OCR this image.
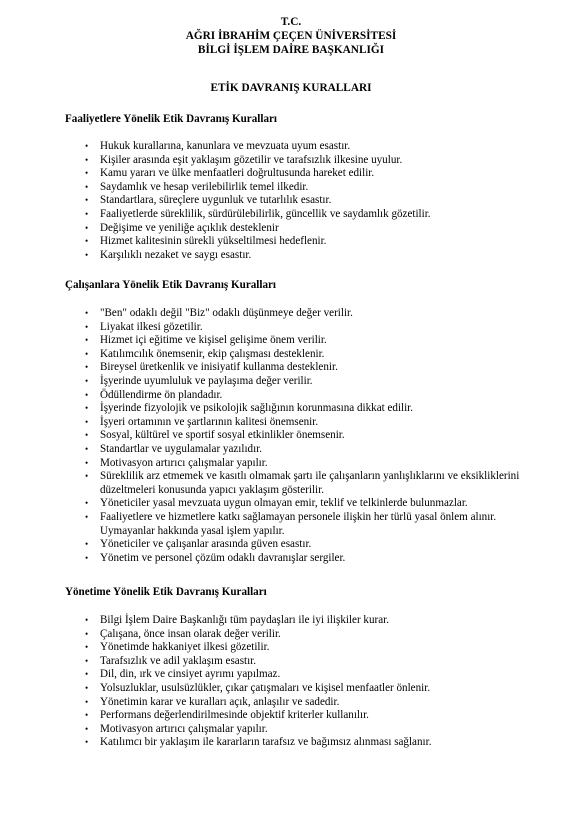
T.C.
AĞRI İBRAHİM ÇEÇEN ÜNİVERSİTESİ
BİLGİ İŞLEM DAİRE BAŞKANLIĞI
ETİK DAVRANIŞ KURALLARI
Faaliyetlere Yönelik Etik Davranış Kuralları
• Hukuk kurallarına, kanunlara ve mevzuata uyum esastır.
• Kişiler arasında eşit yaklaşım gözetilir ve tarafsızlık ilkesine uyulur.
• Kamu yararı ve ülke menfaatleri doğrultusunda hareket edilir.
• Saydamlık ve hesap verilebilirlik temel ilkedir.
• Standartlara, süreçlere uygunluk ve tutarlılık esastır.
• Faaliyetlerde süreklilik, sürdürülebilirlik, güncellik ve saydamlık gözetilir.
• Değişime ve yeniliğe açıklık desteklenir
• Hizmet kalitesinin sürekli yükseltilmesi hedeflenir.
• Karşılıklı nezaket ve saygı esastır.
Çalışanlara Yönelik Etik Davranış Kuralları
• "Ben" odaklı değil "Biz" odaklı düşünmeye değer verilir.
• Liyakat ilkesi gözetilir.
• Hizmet içi eğitime ve kişisel gelişime önem verilir.
• Katılımcılık önemsenir, ekip çalışması desteklenir.
• Bireysel üretkenlik ve inisiyatif kullanma desteklenir.
• İşyerinde uyumluluk ve paylaşıma değer verilir.
• Ödüllendirme ön plandadır.
• İşyerinde fizyolojik ve psikolojik sağlığının korunmasına dikkat edilir.
• İşyeri ortamının ve şartlarının kalitesi önemsenir.
• Sosyal, kültürel ve sportif sosyal etkinlikler önemsenir.
• Standartlar ve uygulamalar yazılıdır.
• Motivasyon artırıcı çalışmalar yapılır.
• Süreklilik arz etmemek ve kasıtlı olmamak şartı ile çalışanların yanlışlıklarını ve eksikliklerini düzeltmeleri konusunda yapıcı yaklaşım gösterilir.
• Yöneticiler yasal mevzuata uygun olmayan emir, teklif ve telkinlerde bulunmazlar.
• Faaliyetlere ve hizmetlere katkı sağlamayan personele ilişkin her türlü yasal önlem alınır. Uymayanlar hakkında yasal işlem yapılır.
• Yöneticiler ve çalışanlar arasında güven esastır.
• Yönetim ve personel çözüm odaklı davranışlar sergiler.
Yönetime Yönelik Etik Davranış Kuralları
• Bilgi İşlem Daire Başkanlığı tüm paydaşları ile iyi ilişkiler kurar.
• Çalışana, önce insan olarak değer verilir.
• Yönetimde hakkaniyet ilkesi gözetilir.
• Tarafsızlık ve adil yaklaşım esastır.
• Dil, din, ırk ve cinsiyet ayrımı yapılmaz.
• Yolsuzluklar, usulsüzlükler, çıkar çatışmaları ve kişisel menfaatler önlenir.
• Yönetimin karar ve kuralları açık, anlaşılır ve sadedir.
• Performans değerlendirilmesinde objektif kriterler kullanılır.
• Motivasyon artırıcı çalışmalar yapılır.
• Katılımcı bir yaklaşım ile kararların tarafsız ve bağımsız alınması sağlanır.
